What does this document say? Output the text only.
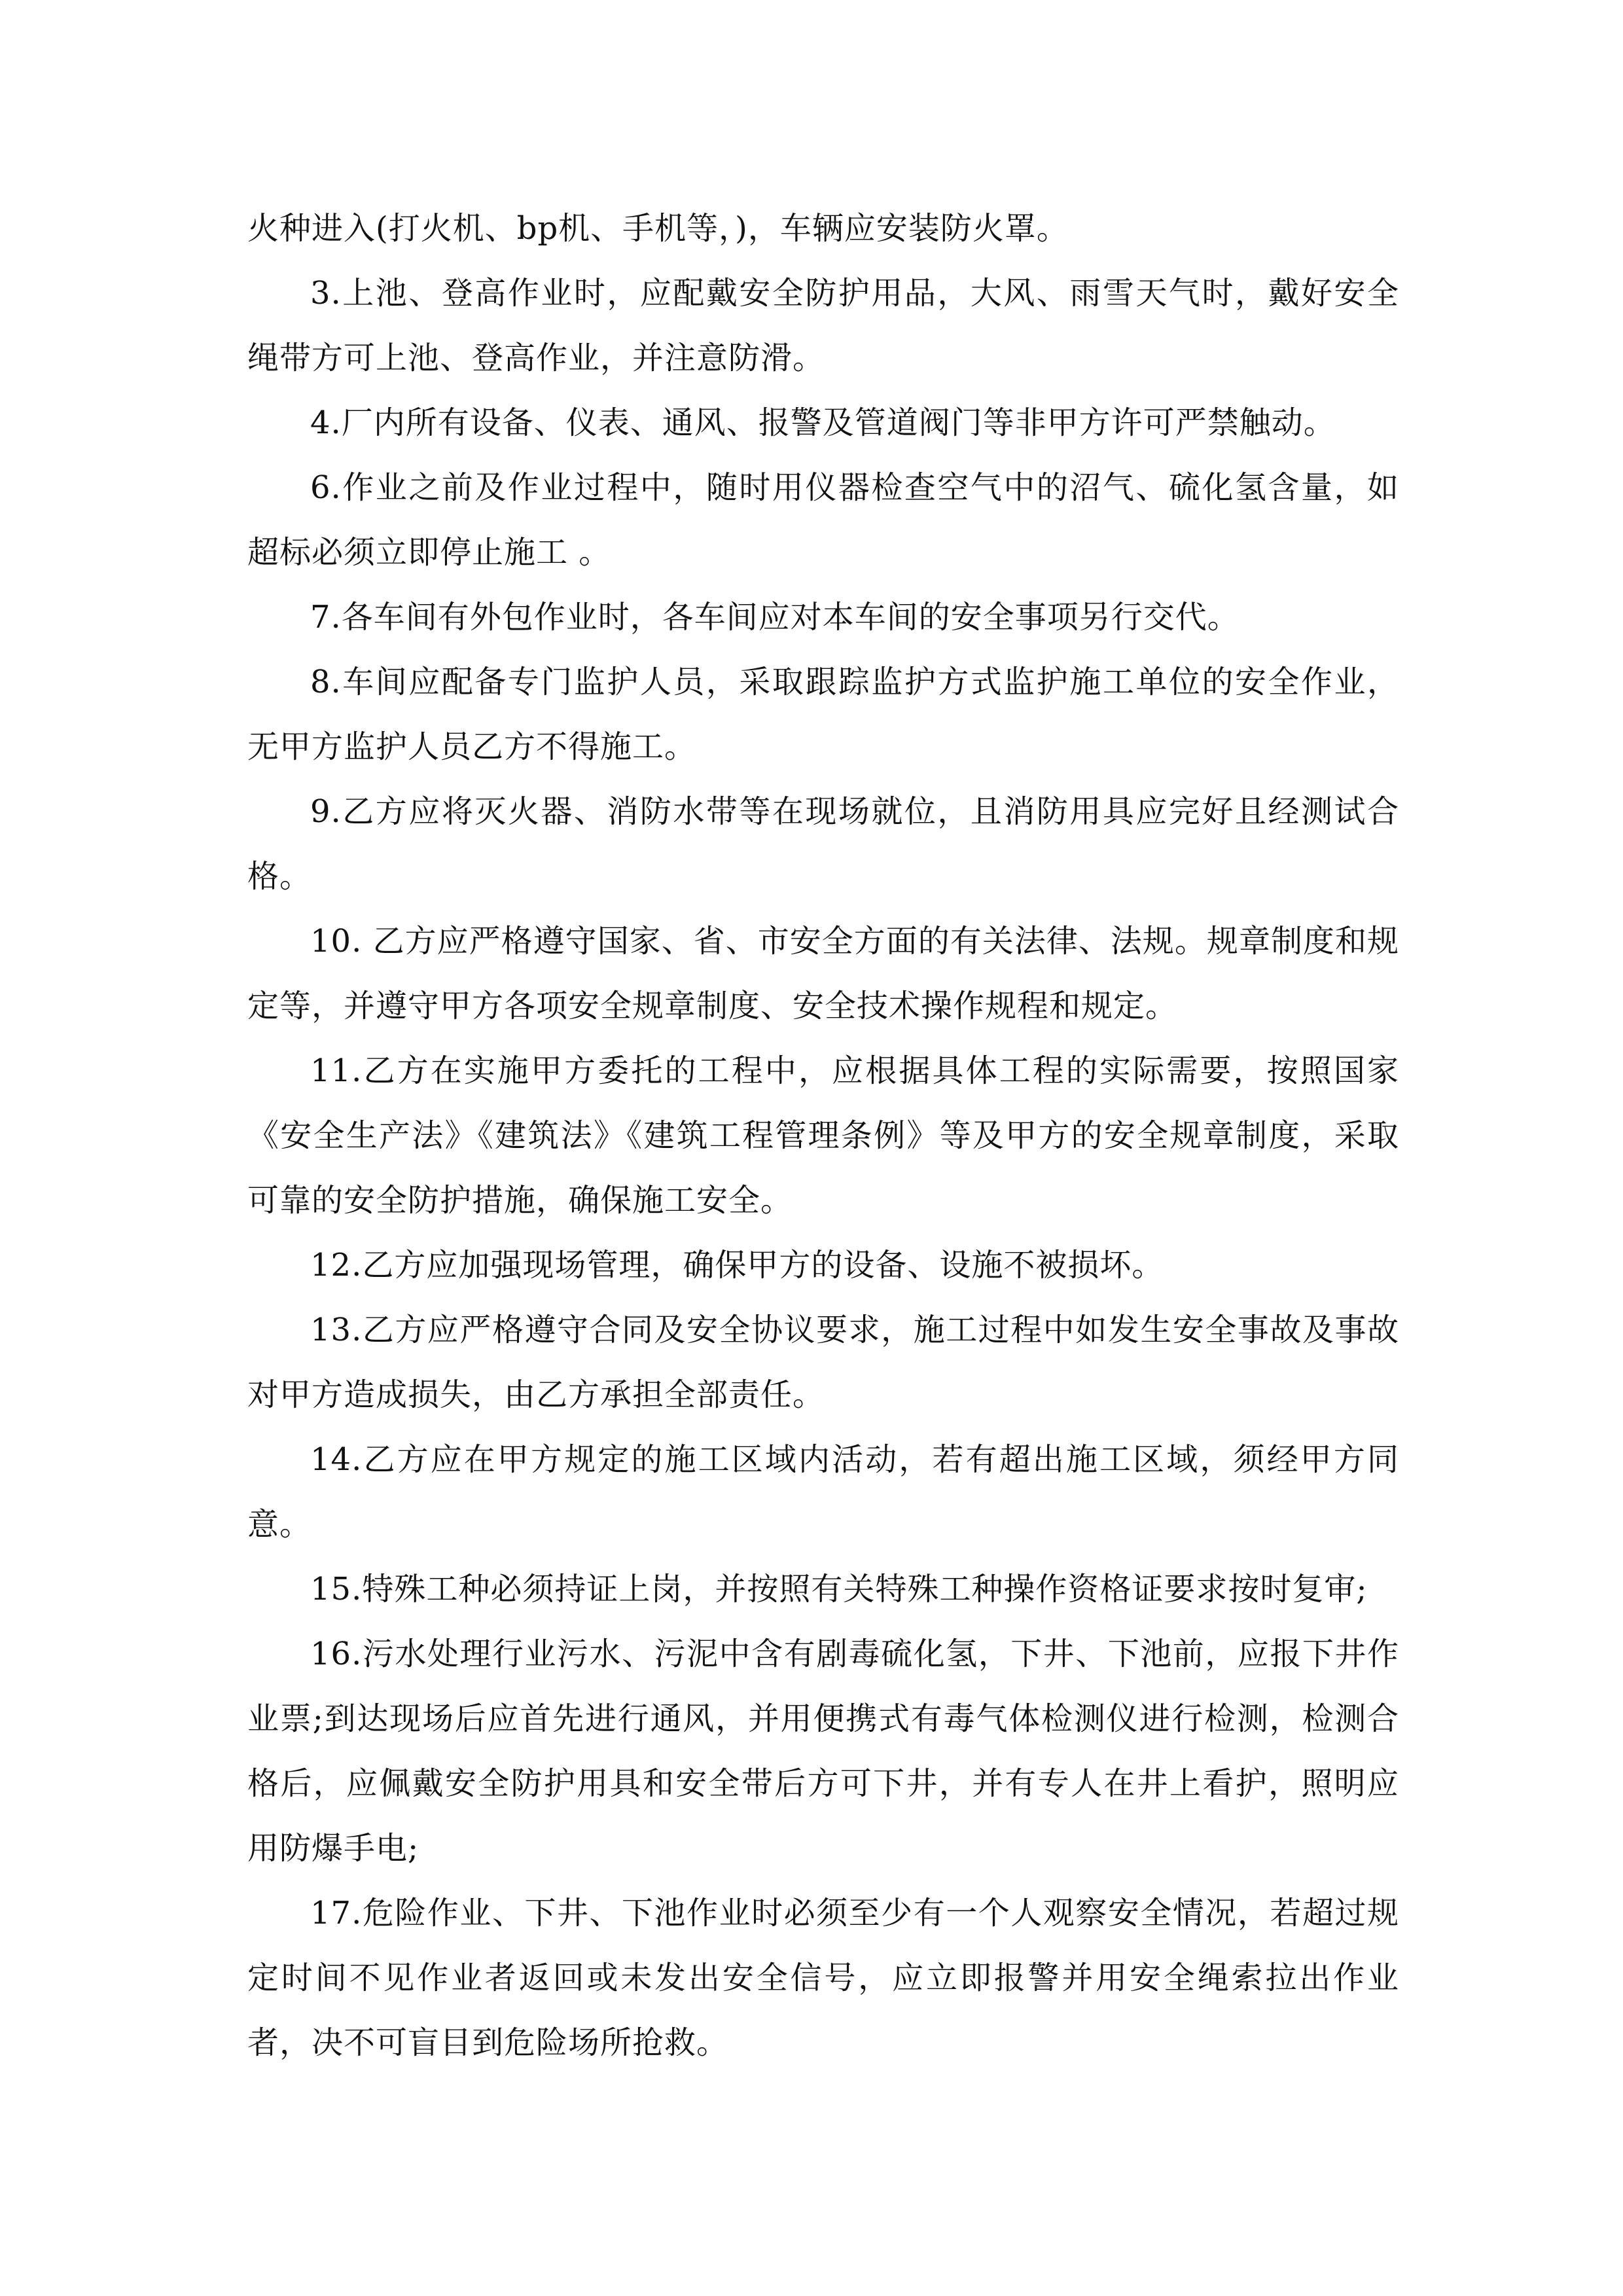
火种进入(打火机、bp机、手机等，)，车辆应安装防火罩。

3.上池、登高作业时，应配戴安全防护用品，大风、雨雪天气时，戴好安全绳带方可上池、登高作业，并注意防滑。

4.厂内所有设备、仪表、通风、报警及管道阀门等非甲方许可严禁触动。

6.作业之前及作业过程中，随时用仪器检查空气中的沼气、硫化氢含量，如超标必须立即停止施工 。

7.各车间有外包作业时，各车间应对本车间的安全事项另行交代。

8.车间应配备专门监护人员，采取跟踪监护方式监护施工单位的安全作业，无甲方监护人员乙方不得施工。

9.乙方应将灭火器、消防水带等在现场就位，且消防用具应完好且经测试合格。

10. 乙方应严格遵守国家、省、市安全方面的有关法律、法规。规章制度和规定等，并遵守甲方各项安全规章制度、安全技术操作规程和规定。

11.乙方在实施甲方委托的工程中，应根据具体工程的实际需要，按照国家《安全生产法》《建筑法》《建筑工程管理条例》等及甲方的安全规章制度，采取可靠的安全防护措施，确保施工安全。

12.乙方应加强现场管理，确保甲方的设备、设施不被损坏。

13.乙方应严格遵守合同及安全协议要求，施工过程中如发生安全事故及事故对甲方造成损失，由乙方承担全部责任。

14.乙方应在甲方规定的施工区域内活动，若有超出施工区域，须经甲方同意。

15.特殊工种必须持证上岗，并按照有关特殊工种操作资格证要求按时复审;

16.污水处理行业污水、污泥中含有剧毒硫化氢，下井、下池前，应报下井作业票;到达现场后应首先进行通风，并用便携式有毒气体检测仪进行检测，检测合格后，应佩戴安全防护用具和安全带后方可下井，并有专人在井上看护，照明应用防爆手电;

17.危险作业、下井、下池作业时必须至少有一个人观察安全情况，若超过规定时间不见作业者返回或未发出安全信号，应立即报警并用安全绳索拉出作业者，决不可盲目到危险场所抢救。
